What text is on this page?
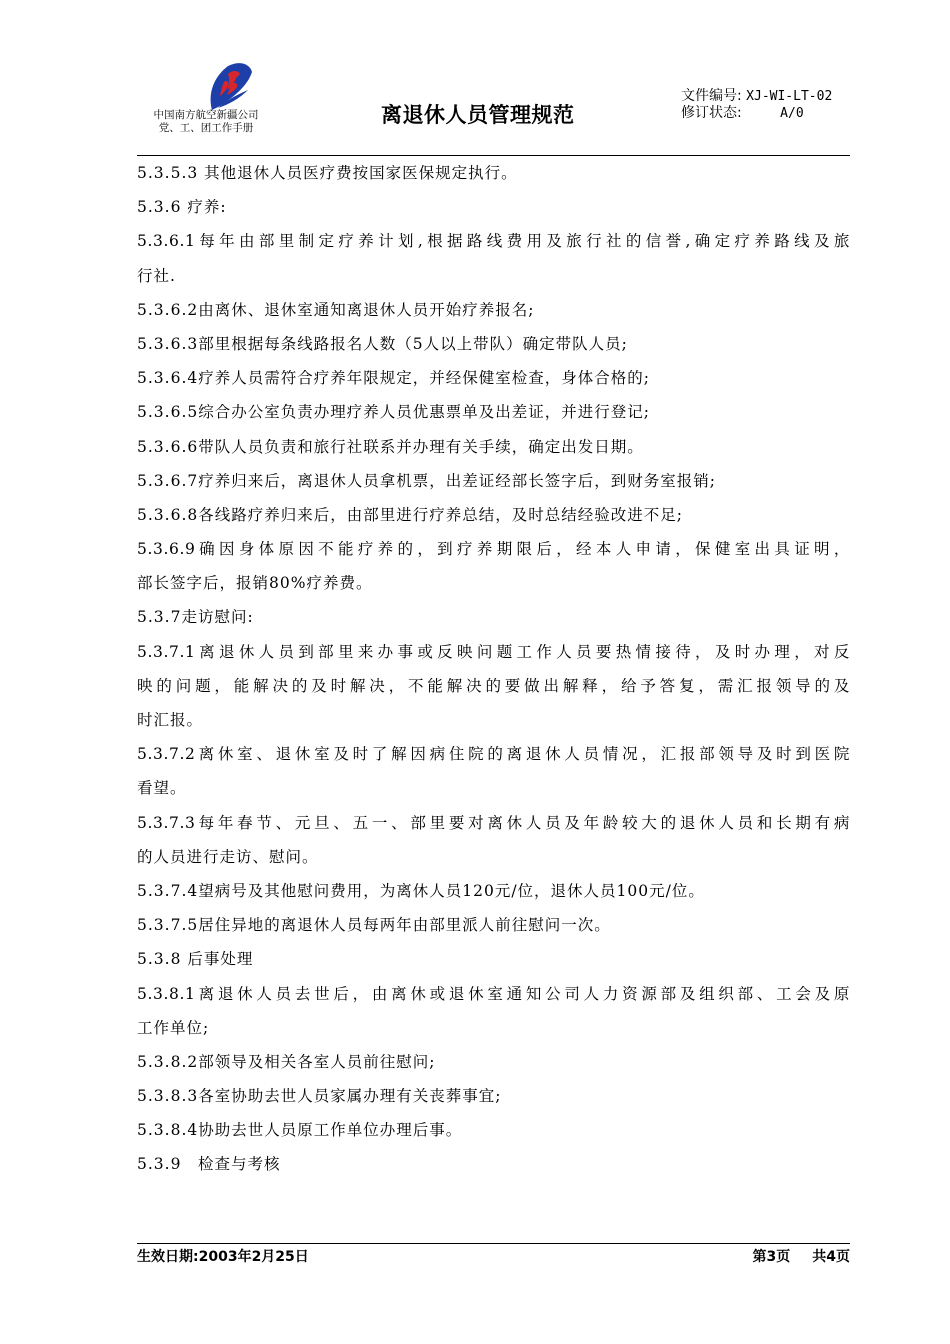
中国南方航空新疆公司
党、工、团工作手册
离退休人员管理规范
文件编号: XJ-WI-LT-02
修订状态:	A/0
5.3.5.3 其他退休人员医疗费按国家医保规定执行。
5.3.6 疗养:
5.3.6.1每年由部里制定疗养计划,根据路线费用及旅行社的信誉,确定疗养路线及旅
行社.
5.3.6.2由离休、退休室通知离退休人员开始疗养报名;
5.3.6.3部里根据每条线路报名人数（5人以上带队）确定带队人员;
5.3.6.4疗养人员需符合疗养年限规定，并经保健室检查，身体合格的;
5.3.6.5综合办公室负责办理疗养人员优惠票单及出差证，并进行登记;
5.3.6.6带队人员负责和旅行社联系并办理有关手续，确定出发日期。
5.3.6.7疗养归来后，离退休人员拿机票，出差证经部长签字后，到财务室报销;
5.3.6.8各线路疗养归来后，由部里进行疗养总结，及时总结经验改进不足;
5.3.6.9确因身体原因不能疗养的，到疗养期限后，经本人申请，保健室出具证明，
部长签字后，报销80%疗养费。
5.3.7走访慰问:
5.3.7.1离退休人员到部里来办事或反映问题工作人员要热情接待，及时办理，对反
映的问题，能解决的及时解决，不能解决的要做出解释，给予答复，需汇报领导的及
时汇报。
5.3.7.2离休室、退休室及时了解因病住院的离退休人员情况，汇报部领导及时到医院
看望。
5.3.7.3每年春节、元旦、五一、部里要对离休人员及年龄较大的退休人员和长期有病
的人员进行走访、慰问。
5.3.7.4望病号及其他慰问费用，为离休人员120元/位，退休人员100元/位。
5.3.7.5居住异地的离退休人员每两年由部里派人前往慰问一次。
5.3.8 后事处理
5.3.8.1离退休人员去世后，由离休或退休室通知公司人力资源部及组织部、工会及原
工作单位;
5.3.8.2部领导及相关各室人员前往慰问;
5.3.8.3各室协助去世人员家属办理有关丧葬事宜;
5.3.8.4协助去世人员原工作单位办理后事。
5.3.9　检查与考核
生效日期:2003年2月25日	第3页 共4页
